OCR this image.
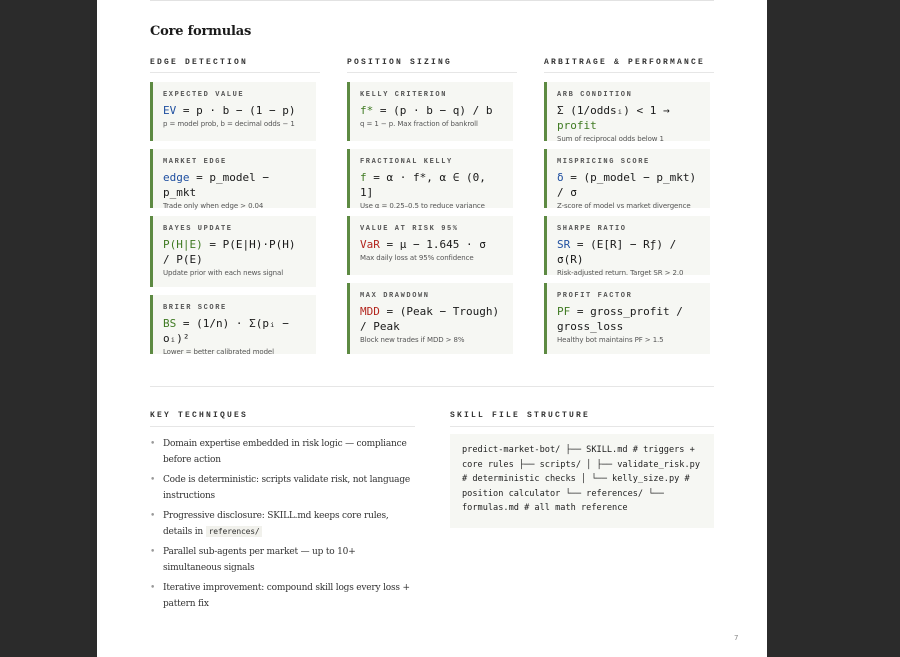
Core formulas
EDGE DETECTION	POSITION SIZING	ARBITRAGE & PERFORMANCE
EXPECTED VALUE
EV = p · b − (1 − p)
p = model prob, b = decimal odds − 1
MARKET EDGE
edge = p_model − p_mkt
Trade only when edge > 0.04
BAYES UPDATE
P(H|E) = P(E|H)·P(H) / P(E)
Update prior with each news signal
BRIER SCORE
BS = (1/n) · Σ(pᵢ − oᵢ)²
Lower = better calibrated model
KELLY CRITERION
f* = (p · b − q) / b
q = 1 − p. Max fraction of bankroll
FRACTIONAL KELLY
f = α · f*, α ∈ (0, 1]
Use α = 0.25–0.5 to reduce variance
VALUE AT RISK 95%
VaR = μ − 1.645 · σ
Max daily loss at 95% confidence
MAX DRAWDOWN
MDD = (Peak − Trough) / Peak
Block new trades if MDD > 8%
ARB CONDITION
Σ (1/oddsᵢ) < 1 → profit
Sum of reciprocal odds below 1
MISPRICING SCORE
δ = (p_model − p_mkt) / σ
Z-score of model vs market divergence
SHARPE RATIO
SR = (E[R] − Rƒ) / σ(R)
Risk-adjusted return. Target SR > 2.0
PROFIT FACTOR
PF = gross_profit / gross_loss
Healthy bot maintains PF > 1.5
KEY TECHNIQUES
• Domain expertise embedded in risk logic — compliance before action
• Code is deterministic: scripts validate risk, not language instructions
• Progressive disclosure: SKILL.md keeps core rules, details in references/
• Parallel sub-agents per market — up to 10+ simultaneous signals
• Iterative improvement: compound skill logs every loss + pattern fix
SKILL FILE STRUCTURE
predict-market-bot/ ├── SKILL.md # triggers + core rules ├── scripts/ │ ├── validate_risk.py # deterministic checks │ └── kelly_size.py # position calculator └── references/ └── formulas.md # all math reference
7
